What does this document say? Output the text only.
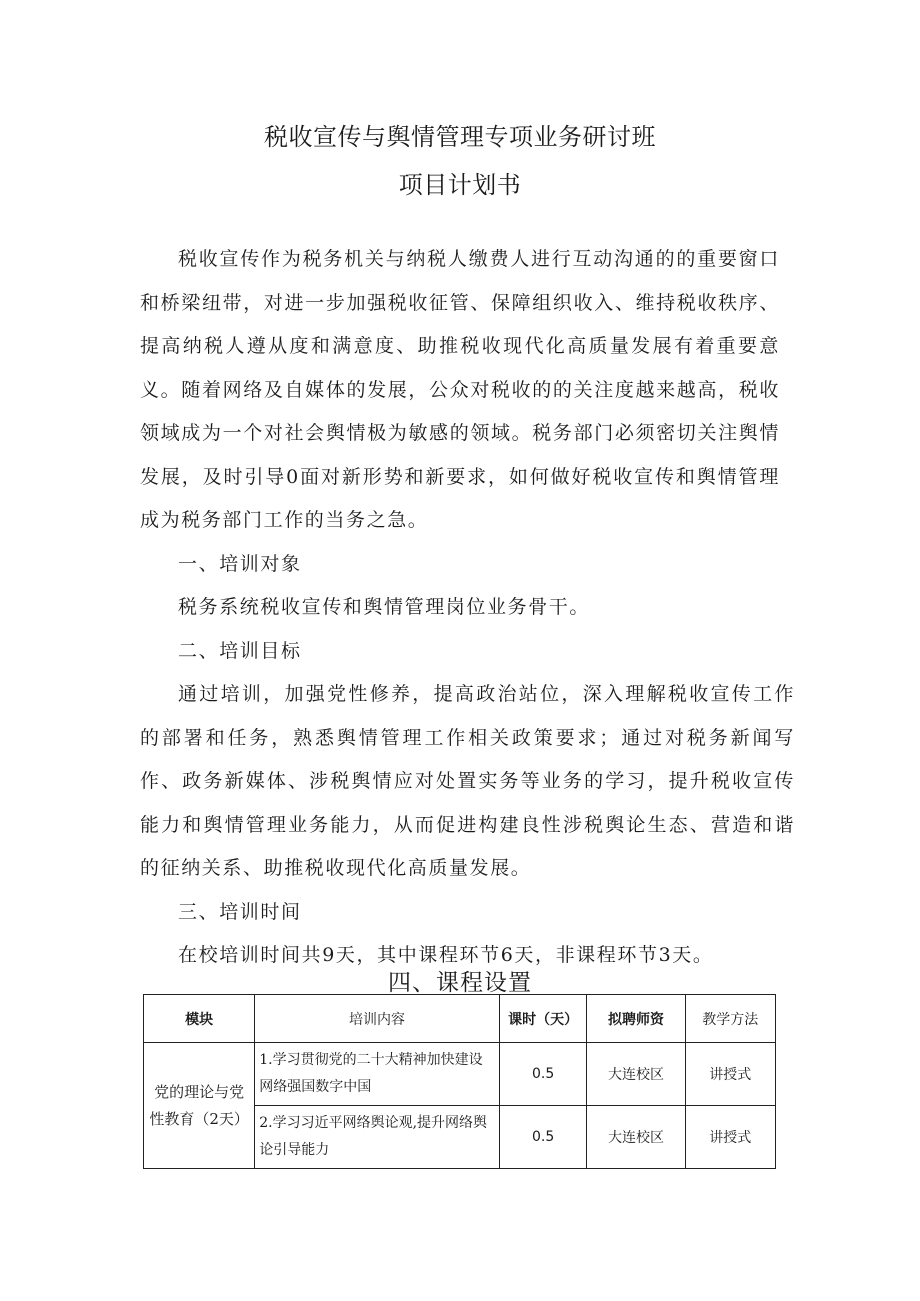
税收宣传与舆情管理专项业务研讨班
项目计划书

税收宣传作为税务机关与纳税人缴费人进行互动沟通的的重要窗口和桥梁纽带，对进一步加强税收征管、保障组织收入、维持税收秩序、提高纳税人遵从度和满意度、助推税收现代化高质量发展有着重要意义。随着网络及自媒体的发展，公众对税收的的关注度越来越高，税收领域成为一个对社会舆情极为敏感的领域。税务部门必须密切关注舆情发展，及时引导0面对新形势和新要求，如何做好税收宣传和舆情管理成为税务部门工作的当务之急。

一、培训对象

税务系统税收宣传和舆情管理岗位业务骨干。

二、培训目标

通过培训，加强党性修养，提高政治站位，深入理解税收宣传工作的部署和任务，熟悉舆情管理工作相关政策要求；通过对税务新闻写作、政务新媒体、涉税舆情应对处置实务等业务的学习，提升税收宣传能力和舆情管理业务能力，从而促进构建良性涉税舆论生态、营造和谐的征纳关系、助推税收现代化高质量发展。

三、培训时间

在校培训时间共9天，其中课程环节6天，非课程环节3天。

四、课程设置
模块	培训内容	课时（天）	拟聘师资	教学方法
党的理论与党性教育（2天）	1.学习贯彻党的二十大精神加快建设网络强国数字中国	0.5	大连校区	讲授式
	2.学习习近平网络舆论观,提升网络舆论引导能力	0.5	大连校区	讲授式
